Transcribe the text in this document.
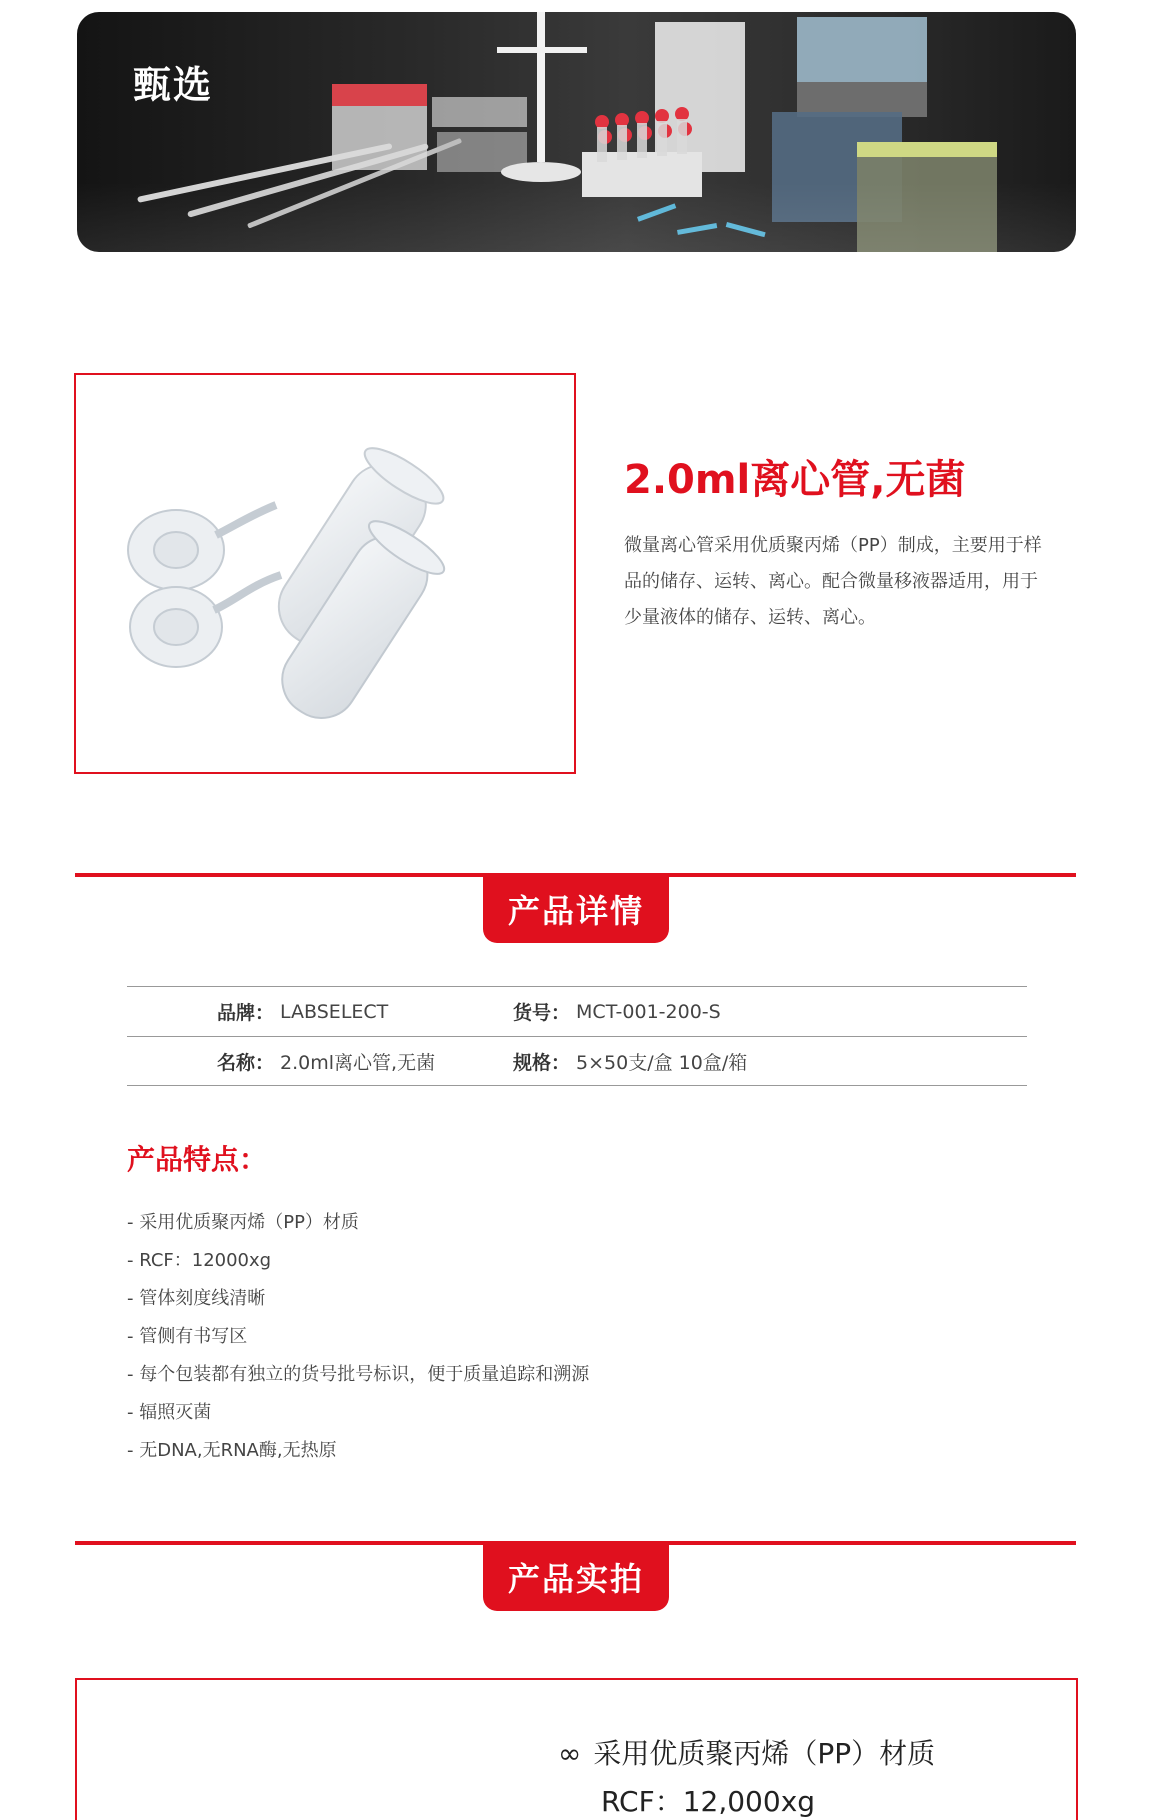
甄选
2.0ml离心管,无菌
微量离心管采用优质聚丙烯（PP）制成，主要用于样品的储存、运转、离心。配合微量移液器适用，用于少量液体的储存、运转、离心。
产品详情
品牌 ： LABSELECT	货号 ： MCT-001-200-S
名称 ： 2.0ml离心管,无菌	规格 ： 5×50支/盒 10盒/箱
产品特点：
- 采用优质聚丙烯（PP）材质
- RCF：12000xg
- 管体刻度线清晰
- 管侧有书写区
- 每个包装都有独立的货号批号标识，便于质量追踪和溯源
- 辐照灭菌
- 无DNA,无RNA酶,无热原
产品实拍
∞ 采用优质聚丙烯（PP）材质
RCF：12,000xg
